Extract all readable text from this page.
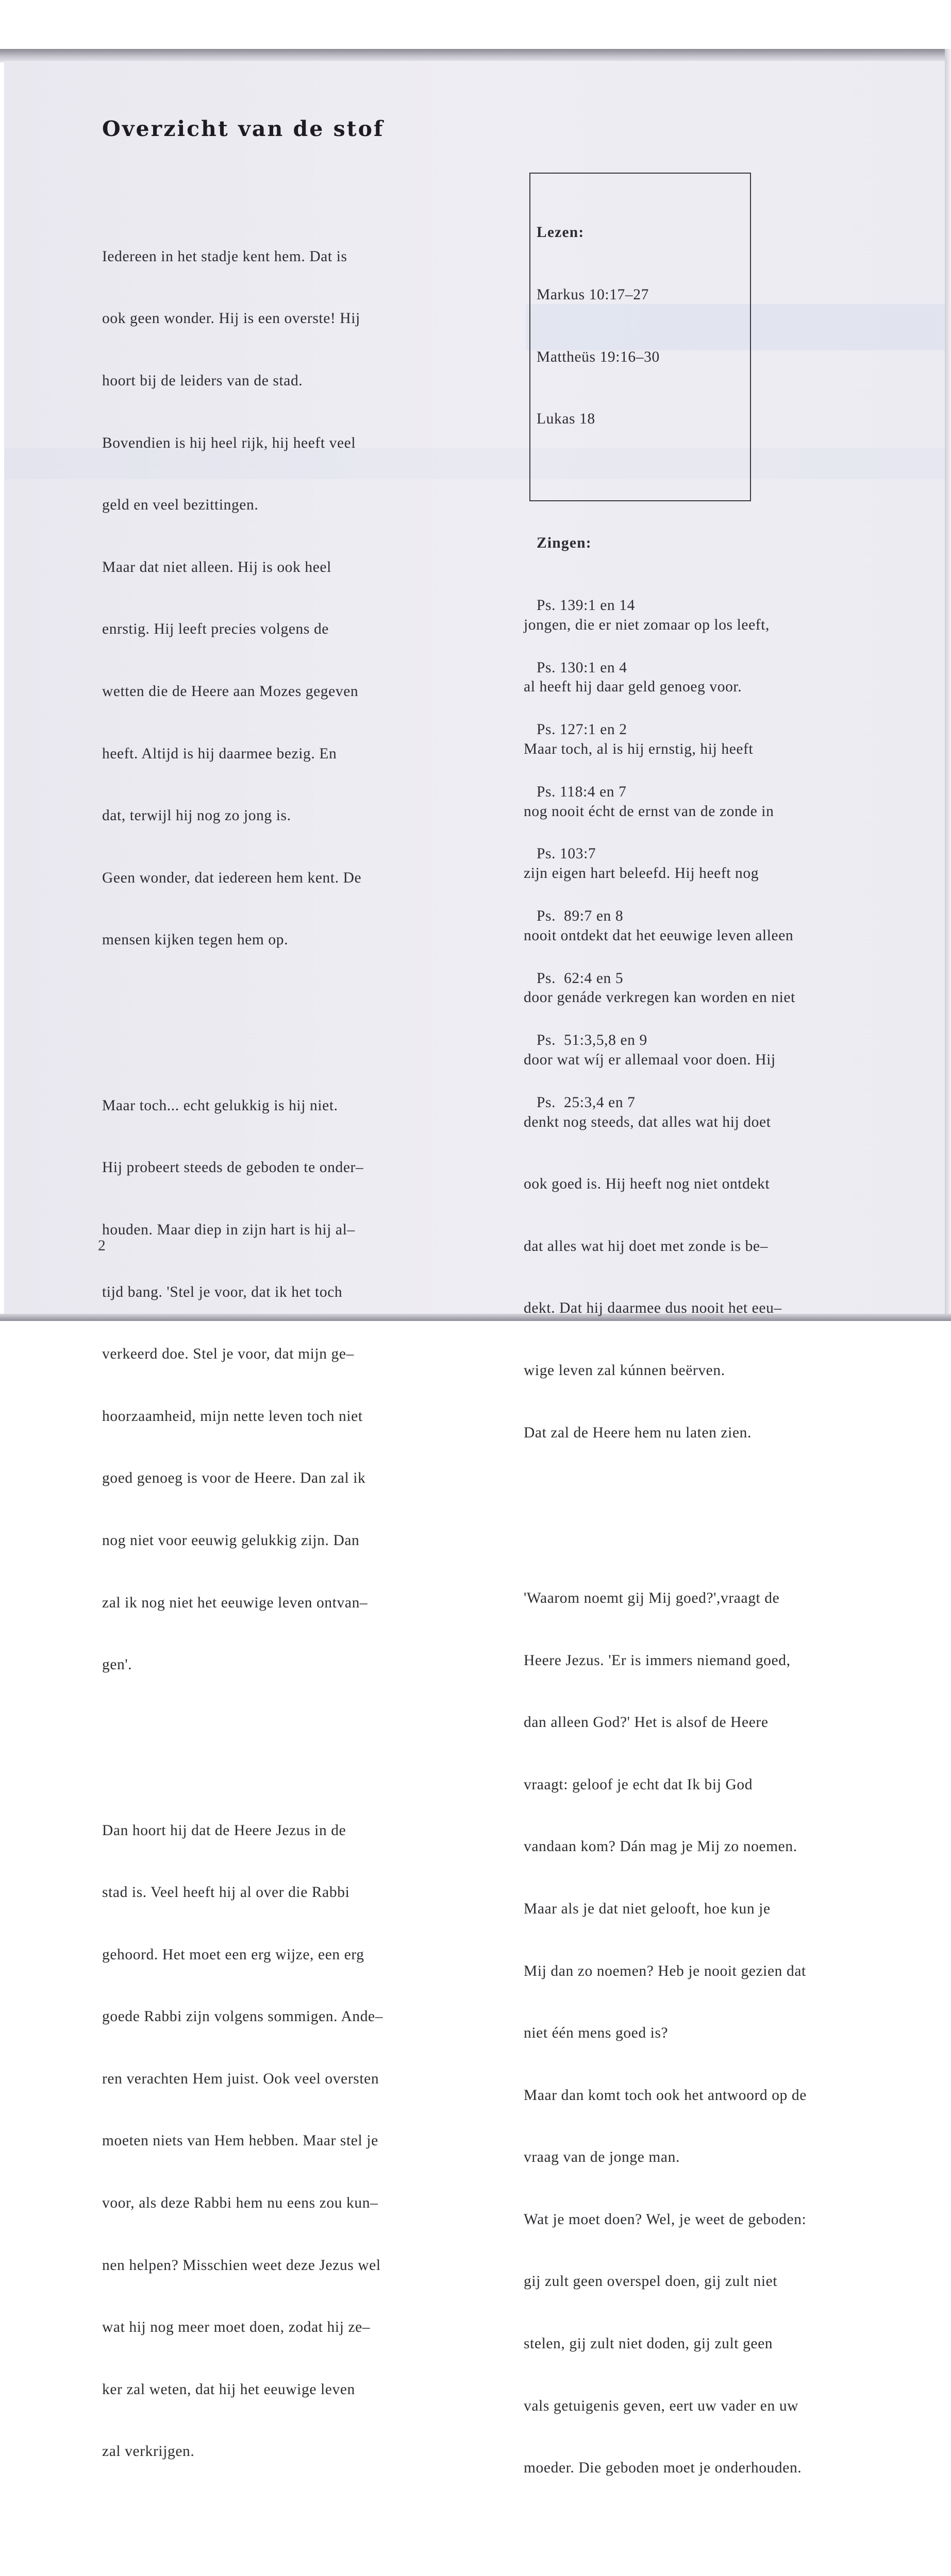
Overzicht van de stof

Iedereen in het stadje kent hem. Dat is

ook geen wonder. Hij is een overste! Hij

hoort bij de leiders van de stad.

Bovendien is hij heel rijk, hij heeft veel

geld en veel bezittingen.

Maar dat niet alleen. Hij is ook heel

enrstig. Hij leeft precies volgens de

wetten die de Heere aan Mozes gegeven

heeft. Altijd is hij daarmee bezig. En

dat, terwijl hij nog zo jong is.

Geen wonder, dat iedereen hem kent. De

mensen kijken tegen hem op.

Maar toch... echt gelukkig is hij niet.

Hij probeert steeds de geboden te onder–

houden. Maar diep in zijn hart is hij al–

tijd bang. 'Stel je voor, dat ik het toch

verkeerd doe. Stel je voor, dat mijn ge–

hoorzaamheid, mijn nette leven toch niet

goed genoeg is voor de Heere. Dan zal ik

nog niet voor eeuwig gelukkig zijn. Dan

zal ik nog niet het eeuwige leven ontvan–

gen'.

Dan hoort hij dat de Heere Jezus in de

stad is. Veel heeft hij al over die Rabbi

gehoord. Het moet een erg wijze, een erg

goede Rabbi zijn volgens sommigen. Ande–

ren verachten Hem juist. Ook veel oversten

moeten niets van Hem hebben. Maar stel je

voor, als deze Rabbi hem nu eens zou kun–

nen helpen? Misschien weet deze Jezus wel

wat hij nog meer moet doen, zodat hij ze–

ker zal weten, dat hij het eeuwige leven

zal verkrijgen.

Lezen:

Markus 10:17–27

Mattheüs 19:16–30

Lukas 18

Zingen:

Ps. 139:1 en 14

Ps. 130:1 en 4

Ps. 127:1 en 2

Ps. 118:4 en 7

Ps. 103:7

Ps.  89:7 en 8

Ps.  62:4 en 5

Ps.  51:3,5,8 en 9

Ps.  25:3,4 en 7

jongen, die er niet zomaar op los leeft,

al heeft hij daar geld genoeg voor.

Maar toch, al is hij ernstig, hij heeft

nog nooit écht de ernst van de zonde in

zijn eigen hart beleefd. Hij heeft nog

nooit ontdekt dat het eeuwige leven alleen

door genáde verkregen kan worden en niet

door wat wíj er allemaal voor doen. Hij

denkt nog steeds, dat alles wat hij doet

ook goed is. Hij heeft nog niet ontdekt

dat alles wat hij doet met zonde is be–

dekt. Dat hij daarmee dus nooit het eeu–

wige leven zal kúnnen beërven.

Dat zal de Heere hem nu laten zien.

'Waarom noemt gij Mij goed?',vraagt de

Heere Jezus. 'Er is immers niemand goed,

dan alleen God?' Het is alsof de Heere

vraagt: geloof je echt dat Ik bij God

vandaan kom? Dán mag je Mij zo noemen.

Maar als je dat niet gelooft, hoe kun je

Mij dan zo noemen? Heb je nooit gezien dat

niet één mens goed is?

Maar dan komt toch ook het antwoord op de

vraag van de jonge man.

Wat je moet doen? Wel, je weet de geboden:

gij zult geen overspel doen, gij zult niet

stelen, gij zult niet doden, gij zult geen

vals getuigenis geven, eert uw vader en uw

moeder. Die geboden moet je onderhouden.

2
